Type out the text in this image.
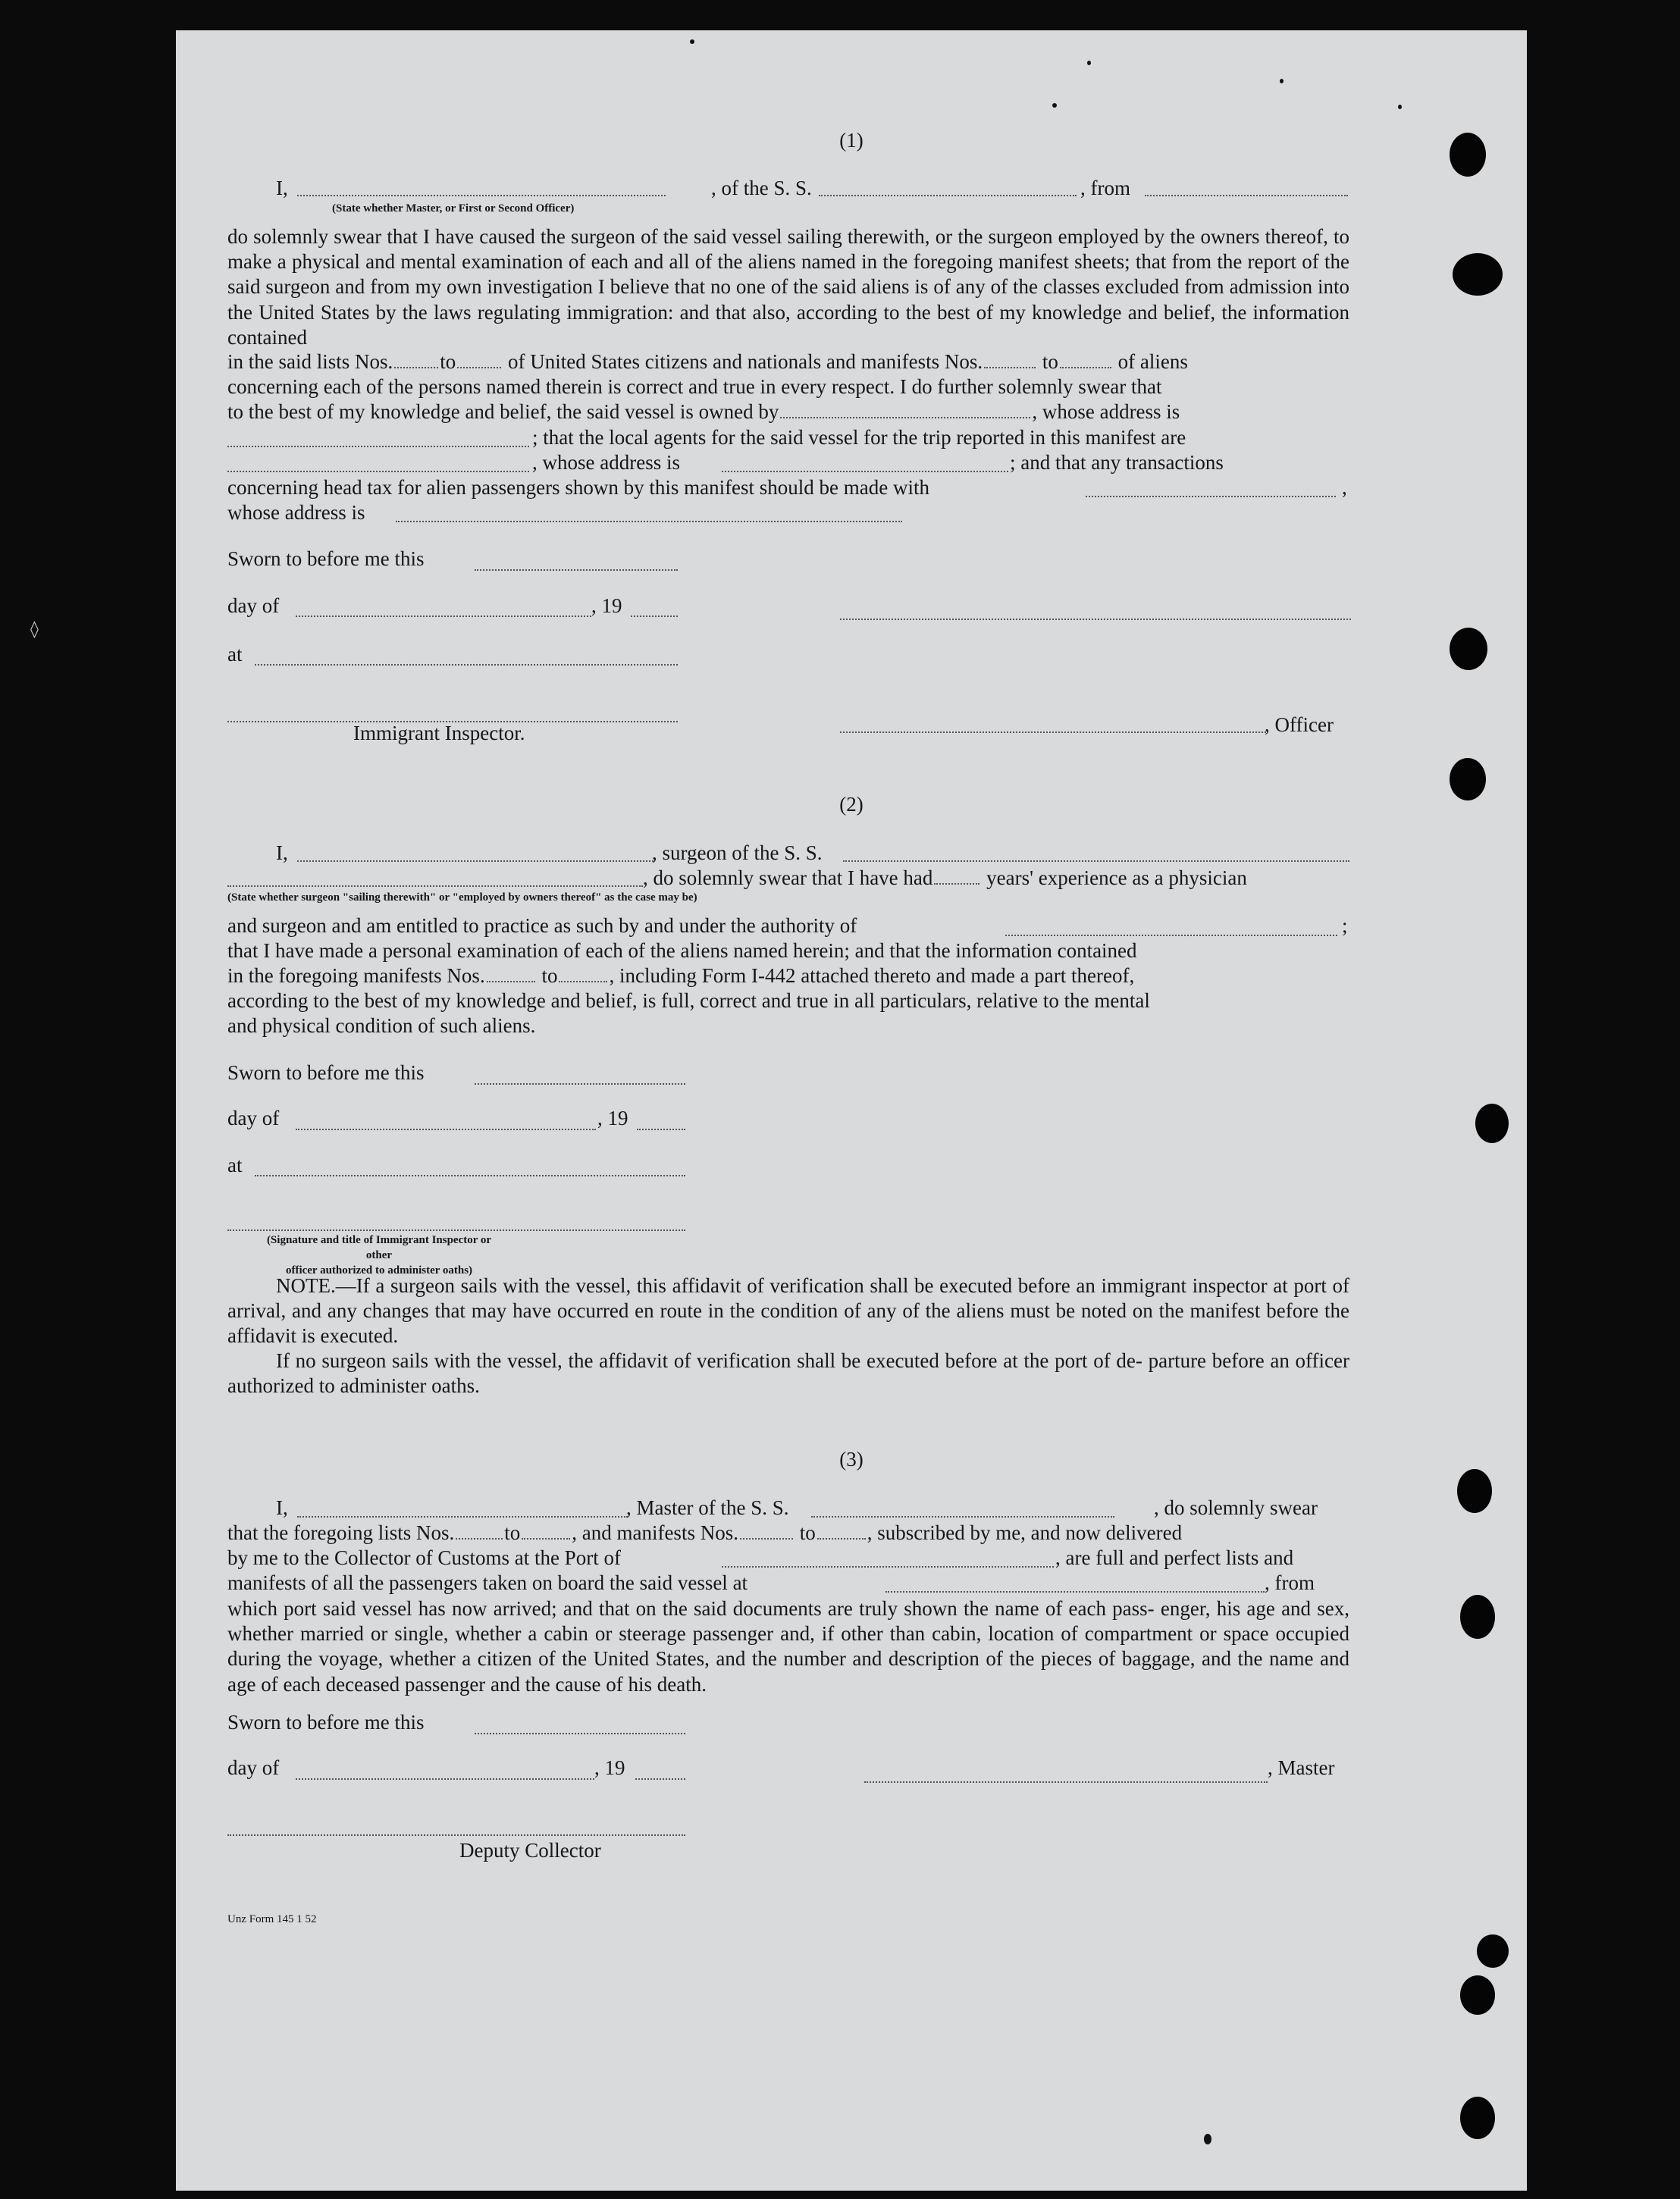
(1)
I,	, of the S. S.	, from
(State whether Master, or First or Second Officer)

do solemnly swear that I have caused the surgeon of the said vessel sailing therewith, or the surgeon employed by the owners thereof, to make a physical and mental examination of each and all of the aliens named in the foregoing manifest sheets; that from the report of the said surgeon and from my own investigation I believe that no one of the said aliens is of any of the classes excluded from admission into the United States by the laws regulating immigration: and that also, according to the best of my knowledge and belief, the information contained

in the said lists Nos. to	of United States citizens and nationals and manifests Nos.	to	of aliens
concerning each of the persons named therein is correct and true in every respect. I do further solemnly swear that
to the best of my knowledge and belief, the said vessel is owned by	, whose address is
; that the local agents for the said vessel for the trip reported in this manifest are
, whose address is	; and that any transactions
concerning head tax for alien passengers shown by this manifest should be made with	,
whose address is
Sworn to before me this
day of	, 19
at
Immigrant Inspector.	, Officer
(2)
I,	, surgeon of the S. S.
, do solemnly swear that I have had	years' experience as a physician
(State whether surgeon "sailing therewith" or "employed by owners thereof" as the case may be)
and surgeon and am entitled to practice as such by and under the authority of	;
that I have made a personal examination of each of the aliens named herein; and that the information contained
in the foregoing manifests Nos.	to	, including Form I-442 attached thereto and made a part thereof,
according to the best of my knowledge and belief, is full, correct and true in all particulars, relative to the mental
and physical condition of such aliens.
Sworn to before me this
day of	, 19
at
(Signature and title of Immigrant Inspector or other
officer authorized to administer oaths)

NOTE.—If a surgeon sails with the vessel, this affidavit of verification shall be executed before an immigrant inspector at port of arrival, and any changes that may have occurred en route in the condition of any of the aliens must be noted on the manifest before the affidavit is executed.

If no surgeon sails with the vessel, the affidavit of verification shall be executed before at the port of de- parture before an officer authorized to administer oaths.

(3)
I,	, Master of the S. S.	, do solemnly swear
that the foregoing lists Nos. to	, and manifests Nos.	to	, subscribed by me, and now delivered
by me to the Collector of Customs at the Port of	, are full and perfect lists and
manifests of all the passengers taken on board the said vessel at	, from

which port said vessel has now arrived; and that on the said documents are truly shown the name of each pass- enger, his age and sex, whether married or single, whether a cabin or steerage passenger and, if other than cabin, location of compartment or space occupied during the voyage, whether a citizen of the United States, and the number and description of the pieces of baggage, and the name and age of each deceased passenger and the cause of his death.

Sworn to before me this
day of	, 19	, Master
Deputy Collector
Unz Form 145 1 52
◊
